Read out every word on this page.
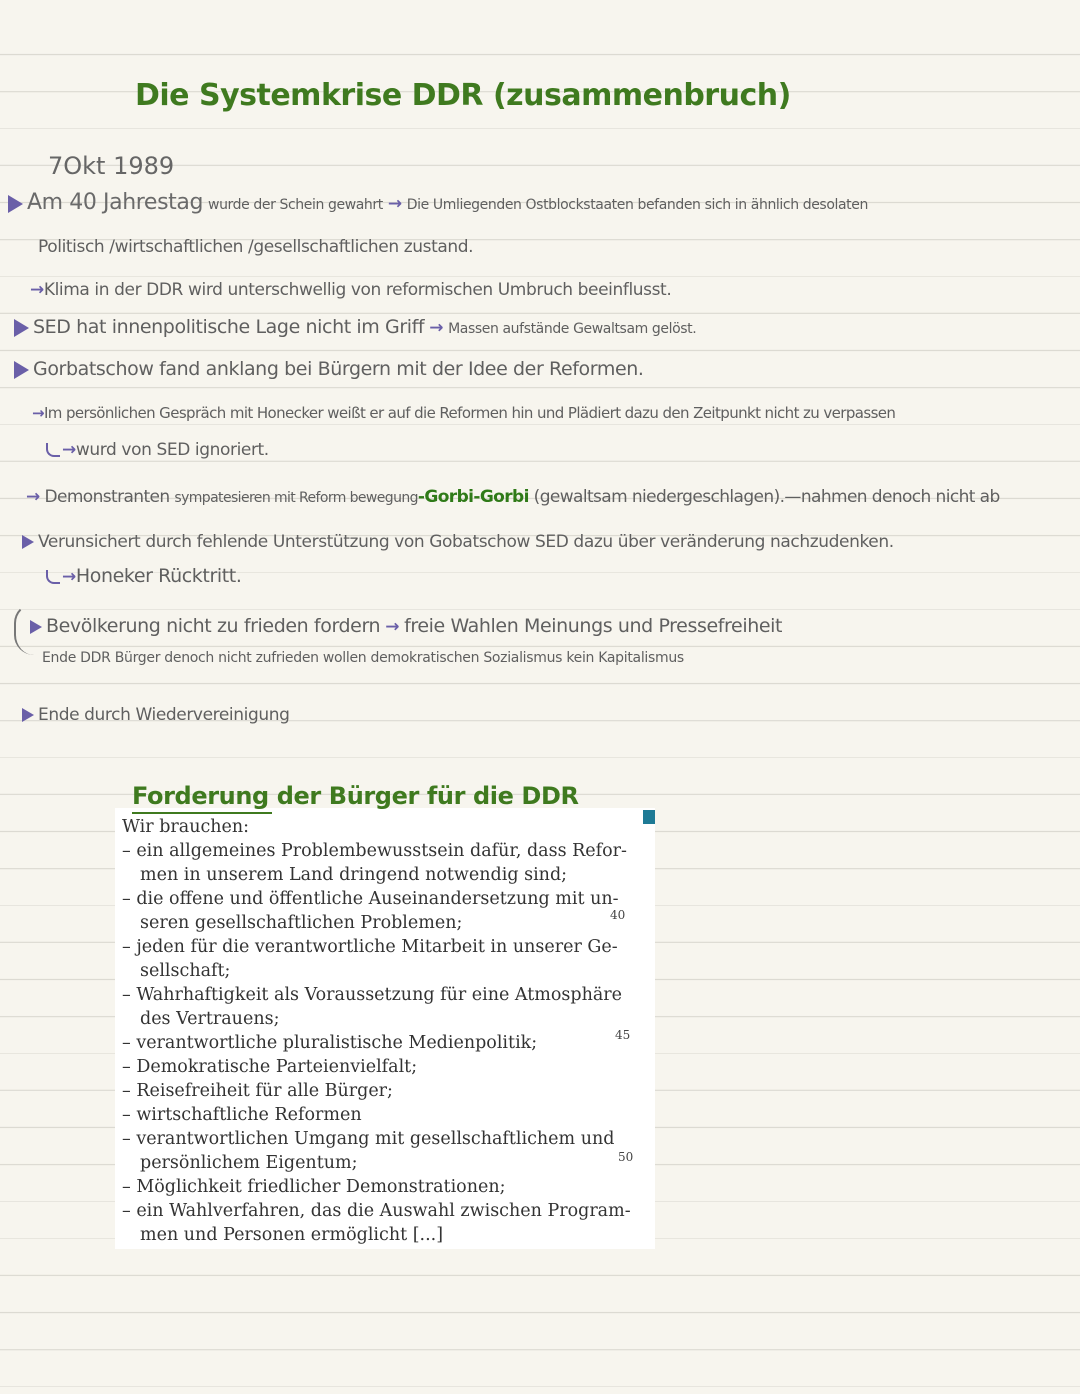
Die Systemkrise DDR (zusammenbruch)
7Okt 1989
Am 40 Jahrestag wurde der Schein gewahrt → Die Umliegenden Ostblockstaaten befanden sich in ähnlich desolaten
Politisch /wirtschaftlichen /gesellschaftlichen zustand.
→Klima in der DDR wird unterschwellig von reformischen Umbruch beeinflusst.
SED hat innenpolitische Lage nicht im Griff → Massen aufstände Gewaltsam gelöst.
Gorbatschow fand anklang bei Bürgern mit der Idee der Reformen.
→Im persönlichen Gespräch mit Honecker weißt er auf die Reformen hin und Plädiert dazu den Zeitpunkt nicht zu verpassen
→wurd von SED ignoriert.
→ Demonstranten sympatesieren mit Reform bewegung-Gorbi-Gorbi (gewaltsam niedergeschlagen).—nahmen denoch nicht ab
Verunsichert durch fehlende Unterstützung von Gobatschow SED dazu über veränderung nachzudenken.
→Honeker Rücktritt.
Bevölkerung nicht zu frieden fordern → freie Wahlen Meinungs und Pressefreiheit
Ende DDR Bürger denoch nicht zufrieden wollen demokratischen Sozialismus kein Kapitalismus
Ende durch Wiedervereinigung
Wir brauchen:
– ein allgemeines Problembewusstsein dafür, dass Refor-
men in unserem Land dringend notwendig sind;
– die offene und öffentliche Auseinandersetzung mit un-
seren gesellschaftlichen Problemen;
– jeden für die verantwortliche Mitarbeit in unserer Ge-
sellschaft;
– Wahrhaftigkeit als Voraussetzung für eine Atmosphäre
des Vertrauens;
– verantwortliche pluralistische Medienpolitik;
– Demokratische Parteienvielfalt;
– Reisefreiheit für alle Bürger;
– wirtschaftliche Reformen
– verantwortlichen Umgang mit gesellschaftlichem und
persönlichem Eigentum;
– Möglichkeit friedlicher Demonstrationen;
– ein Wahlverfahren, das die Auswahl zwischen Program-
men und Personen ermöglicht [...]
40
45
50
Forderung der Bürger für die DDR
